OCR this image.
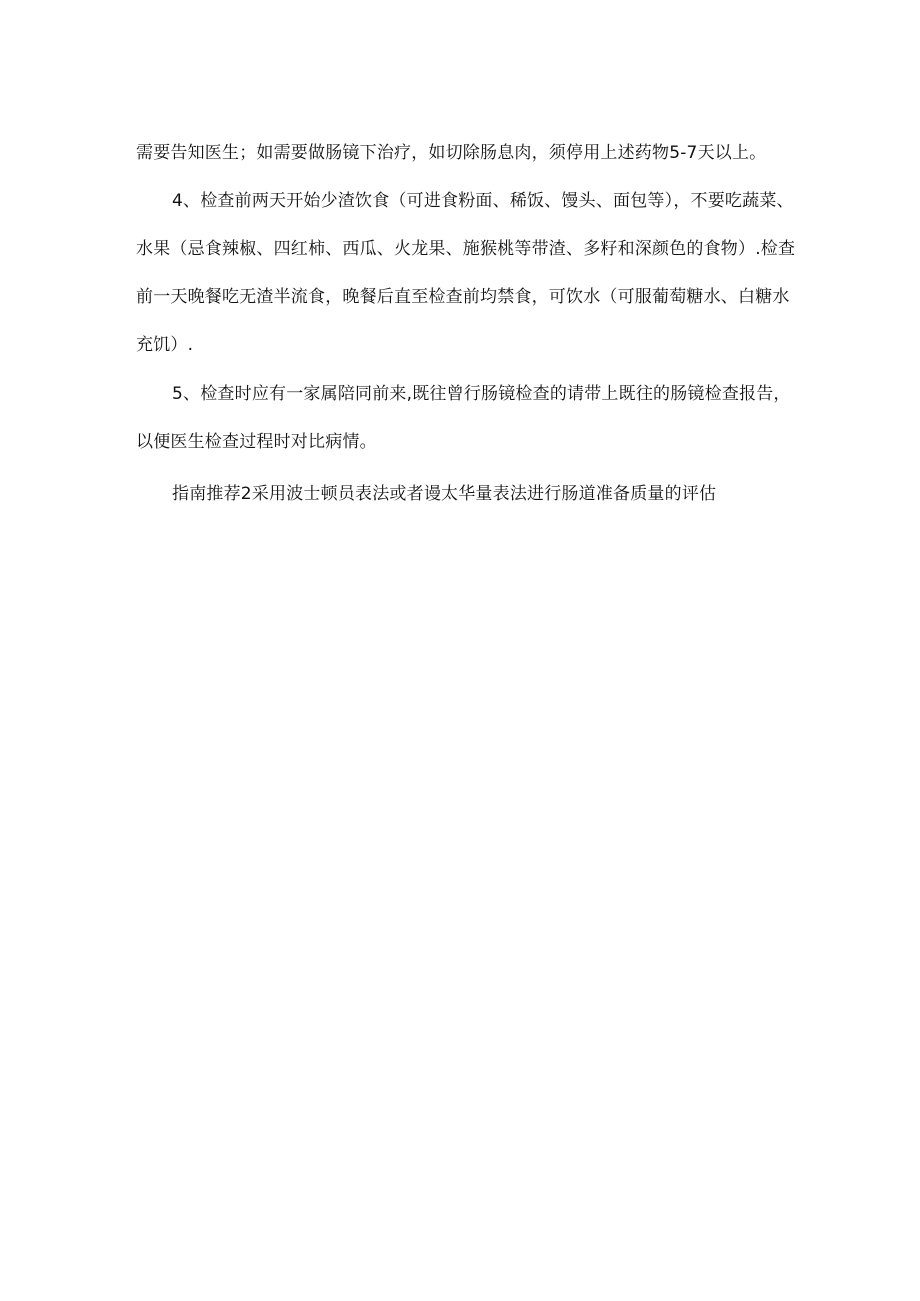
需要告知医生；如需要做肠镜下治疗，如切除肠息肉，须停用上述药物5-7天以上。
4、检查前两天开始少渣饮食（可进食粉面、稀饭、馒头、面包等），不要吃蔬菜、
水果（忌食辣椒、四红柿、西瓜、火龙果、施猴桃等带渣、多籽和深颜色的食物）.检查
前一天晚餐吃无渣半流食，晚餐后直至检查前均禁食，可饮水（可服葡萄糖水、白糖水
充饥）.
5、检查时应有一家属陪同前来,既往曾行肠镜检查的请带上既往的肠镜检查报告，
以便医生检查过程时对比病情。
指南推荐2采用波士顿员表法或者谩太华量表法进行肠道准备质量的评估
